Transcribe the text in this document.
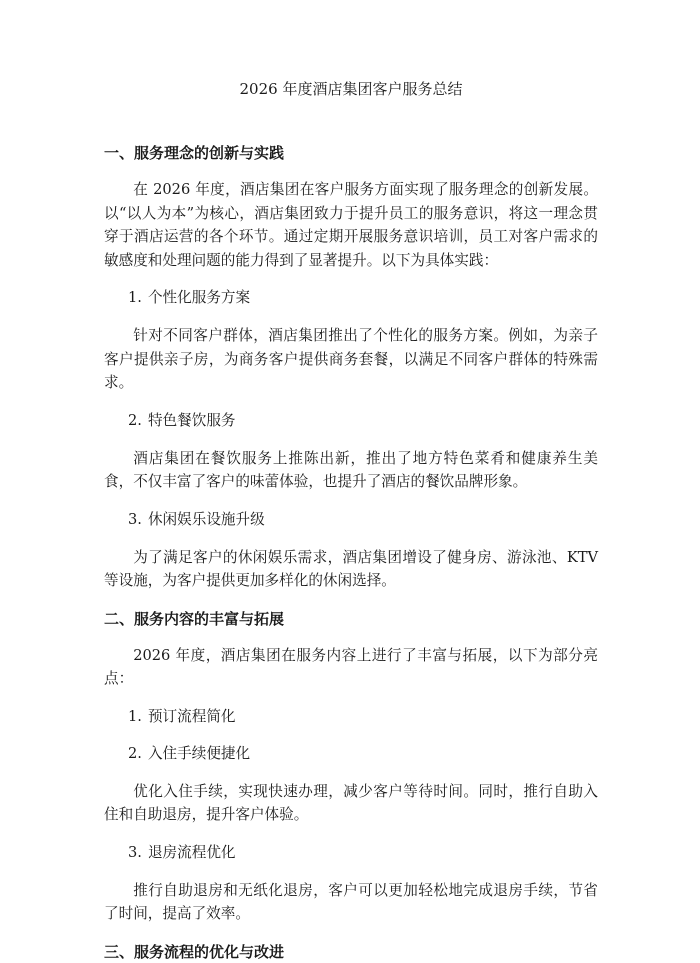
2026 年度酒店集团客户服务总结
一、服务理念的创新与实践

在 2026 年度，酒店集团在客户服务方面实现了服务理念的创新发展。以“以人为本”为核心，酒店集团致力于提升员工的服务意识，将这一理念贯穿于酒店运营的各个环节。通过定期开展服务意识培训，员工对客户需求的敏感度和处理问题的能力得到了显著提升。以下为具体实践：

1. 个性化服务方案

针对不同客户群体，酒店集团推出了个性化的服务方案。例如，为亲子客户提供亲子房，为商务客户提供商务套餐，以满足不同客户群体的特殊需求。

2. 特色餐饮服务

酒店集团在餐饮服务上推陈出新，推出了地方特色菜肴和健康养生美食，不仅丰富了客户的味蕾体验，也提升了酒店的餐饮品牌形象。

3. 休闲娱乐设施升级

为了满足客户的休闲娱乐需求，酒店集团增设了健身房、游泳池、KTV 等设施，为客户提供更加多样化的休闲选择。

二、服务内容的丰富与拓展

2026 年度，酒店集团在服务内容上进行了丰富与拓展，以下为部分亮点：

1. 预订流程简化
2. 入住手续便捷化

优化入住手续，实现快速办理，减少客户等待时间。同时，推行自助入住和自助退房，提升客户体验。

3. 退房流程优化

推行自助退房和无纸化退房，客户可以更加轻松地完成退房手续，节省了时间，提高了效率。

三、服务流程的优化与改进
